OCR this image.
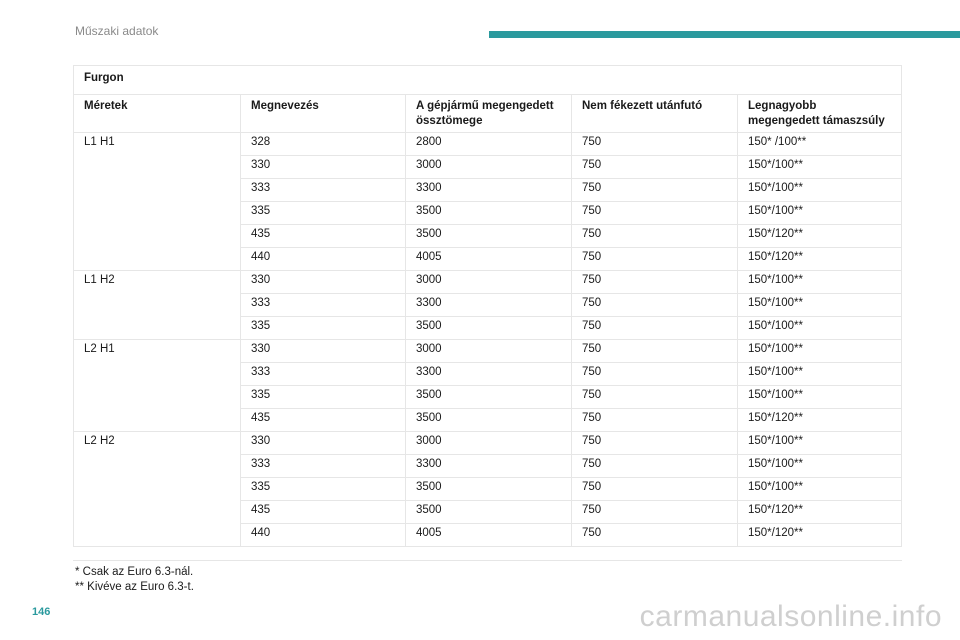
Műszaki adatok
Furgon				
Méretek	Megnevezés	A gépjármű megengedett össztömege	Nem fékezett utánfutó	Legnagyobb megengedett támaszsúly
L1 H1	328	2800	750	150* /100**
	330	3000	750	150*/100**
	333	3300	750	150*/100**
	335	3500	750	150*/100**
	435	3500	750	150*/120**
	440	4005	750	150*/120**
L1 H2	330	3000	750	150*/100**
	333	3300	750	150*/100**
	335	3500	750	150*/100**
L2 H1	330	3000	750	150*/100**
	333	3300	750	150*/100**
	335	3500	750	150*/100**
	435	3500	750	150*/120**
L2 H2	330	3000	750	150*/100**
	333	3300	750	150*/100**
	335	3500	750	150*/100**
	435	3500	750	150*/120**
	440	4005	750	150*/120**
* Csak az Euro 6.3-nál.
** Kivéve az Euro 6.3-t.
146	carmanualsonline.info
